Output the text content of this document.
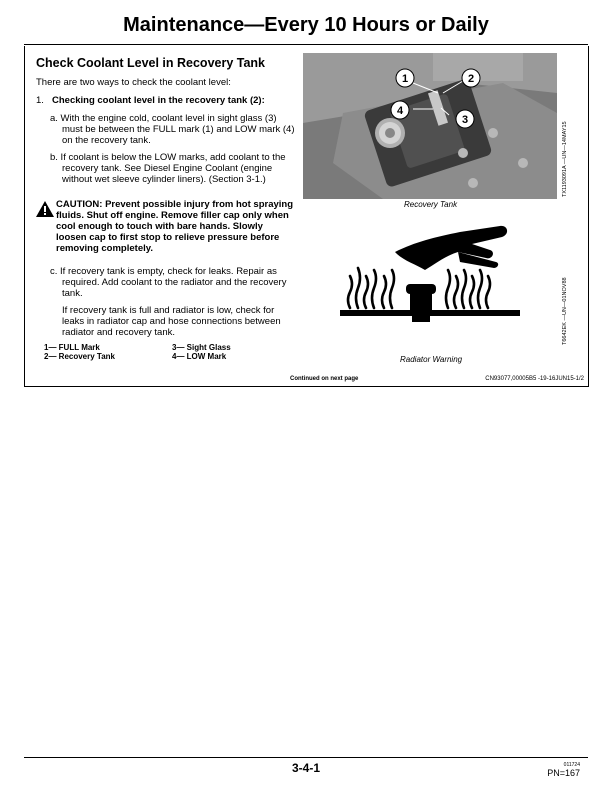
Maintenance—Every 10 Hours or Daily
Check Coolant Level in Recovery Tank
There are two ways to check the coolant level:
1. Checking coolant level in the recovery tank (2):
a. With the engine cold, coolant level in sight glass (3) must be between the FULL mark (1) and LOW mark (4) on the recovery tank.
b. If coolant is below the LOW marks, add coolant to the recovery tank. See Diesel Engine Coolant (engine without wet sleeve cylinder liners). (Section 3-1.)
CAUTION: Prevent possible injury from hot spraying fluids. Shut off engine. Remove filler cap only when cool enough to touch with bare hands. Slowly loosen cap to first stop to relieve pressure before removing completely.
c. If recovery tank is empty, check for leaks. Repair as required. Add coolant to the radiator and the recovery tank.
If recovery tank is full and radiator is low, check for leaks in radiator cap and hose connections between radiator and recovery tank.
1— FULL Mark
2— Recovery Tank
3— Sight Glass
4— LOW Mark
1	2
3
4
Recovery Tank
TX1193091A —UN—14MAY15
Radiator Warning
T6642EK —UN—01NOV88
Continued on next page	CN93077,00005B5 -19-16JUN15-1/2
3-4-1	011724
PN=167
